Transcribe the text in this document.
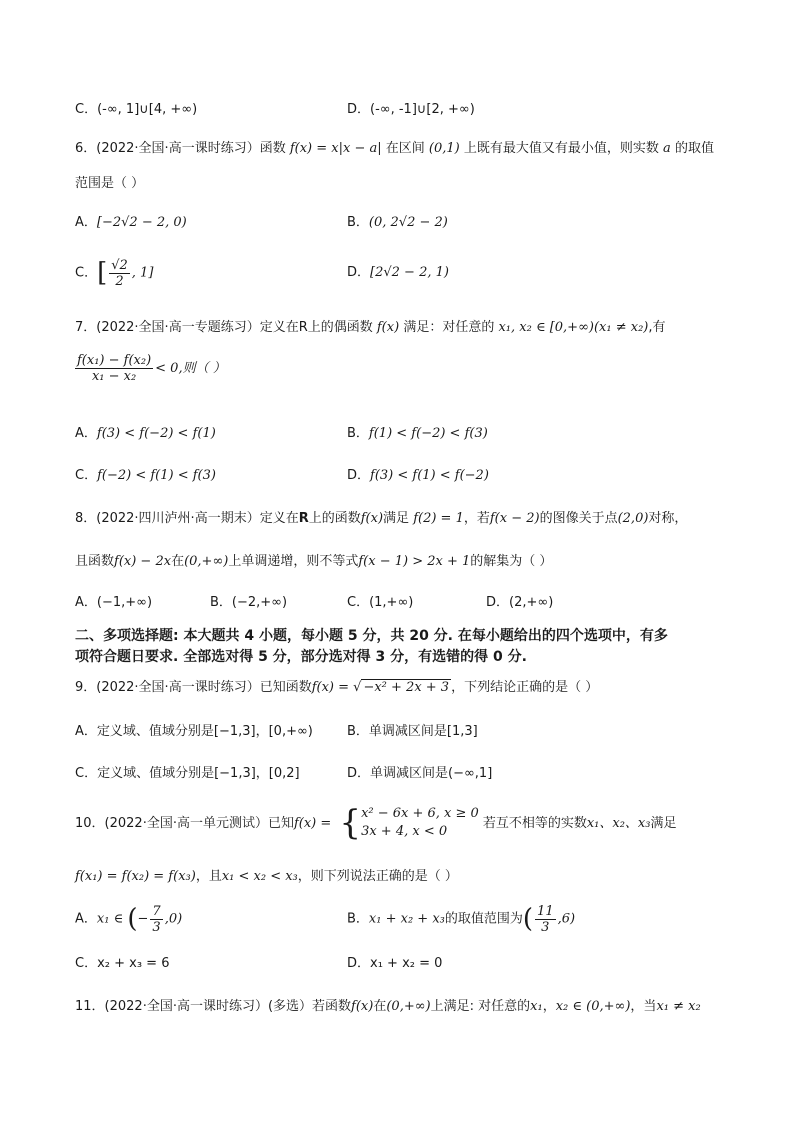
C．(-∞, 1]∪[4, +∞)	D．(-∞, -1]∪[2, +∞)
6．(2022·全国·高一课时练习）函数 f(x) = x|x − a| 在区间 (0,1) 上既有最大值又有最小值，则实数 a 的取值
范围是（ ）
A．[−2√2 − 2, 0)	B．(0, 2√2 − 2)
C．[ $\frac{√2}{2}$ , 1]	D．[2√2 − 2, 1)
7．(2022·全国·高一专题练习）定义在R上的偶函数 f(x) 满足：对任意的 x₁, x₂ ∈ [0,+∞)(x₁ ≠ x₂),有
$\frac{\text{f(x₁) − f(x₂)}}{\text{x₁ − x₂}} < 0$,则（ ）
A．f(3) < f(−2) < f(1)	B．f(1) < f(−2) < f(3)
C．f(−2) < f(1) < f(3)	D．f(3) < f(1) < f(−2)
8．(2022·四川泸州·高一期末）定义在R上的函数f(x)满足 f(2) = 1，若f(x − 2)的图像关于点(2,0)对称，
且函数f(x) − 2x在(0,+∞)上单调递增，则不等式f(x − 1) > 2x + 1的解集为（ ）
A．(−1,+∞)	B．(−2,+∞)	C．(1,+∞)	D．(2,+∞)
二、多项选择题: 本大题共 4 小题，每小题 5 分，共 20 分. 在每小题给出的四个选项中，有多
项符合题日要求. 全部选对得 5 分，部分选对得 3 分，有选错的得 0 分.
9．(2022·全国·高一课时练习）已知函数f(x) = √ −x² + 2x + 3 ，下列结论正确的是（ ）
A．定义域、值域分别是[−1,3]，[0,+∞)	B．单调减区间是[1,3]
C．定义域、值域分别是[−1,3]，[0,2]	D．单调减区间是(−∞,1]
10．(2022·全国·高一单元测试）已知f(x) = { x² − 6x + 6, x ≥ 0
3x + 4, x < 0
若互不相等的实数x₁、x₂、x₃满足
f(x₁) = f(x₂) = f(x₃)，且x₁ < x₂ < x₃，则下列说法正确的是（ ）
A．x₁ ∈ (− $\frac{7}{3} ,0$)	B．x₁ + x₂ + x₃的取值范围为( $\frac{11}{3} ,6$)
C．x₂ + x₃ = 6	D．x₁ + x₂ = 0
11．(2022·全国·高一课时练习）(多选）若函数f(x)在(0,+∞)上满足: 对任意的x₁，x₂ ∈ (0,+∞)，当x₁ ≠ x₂
